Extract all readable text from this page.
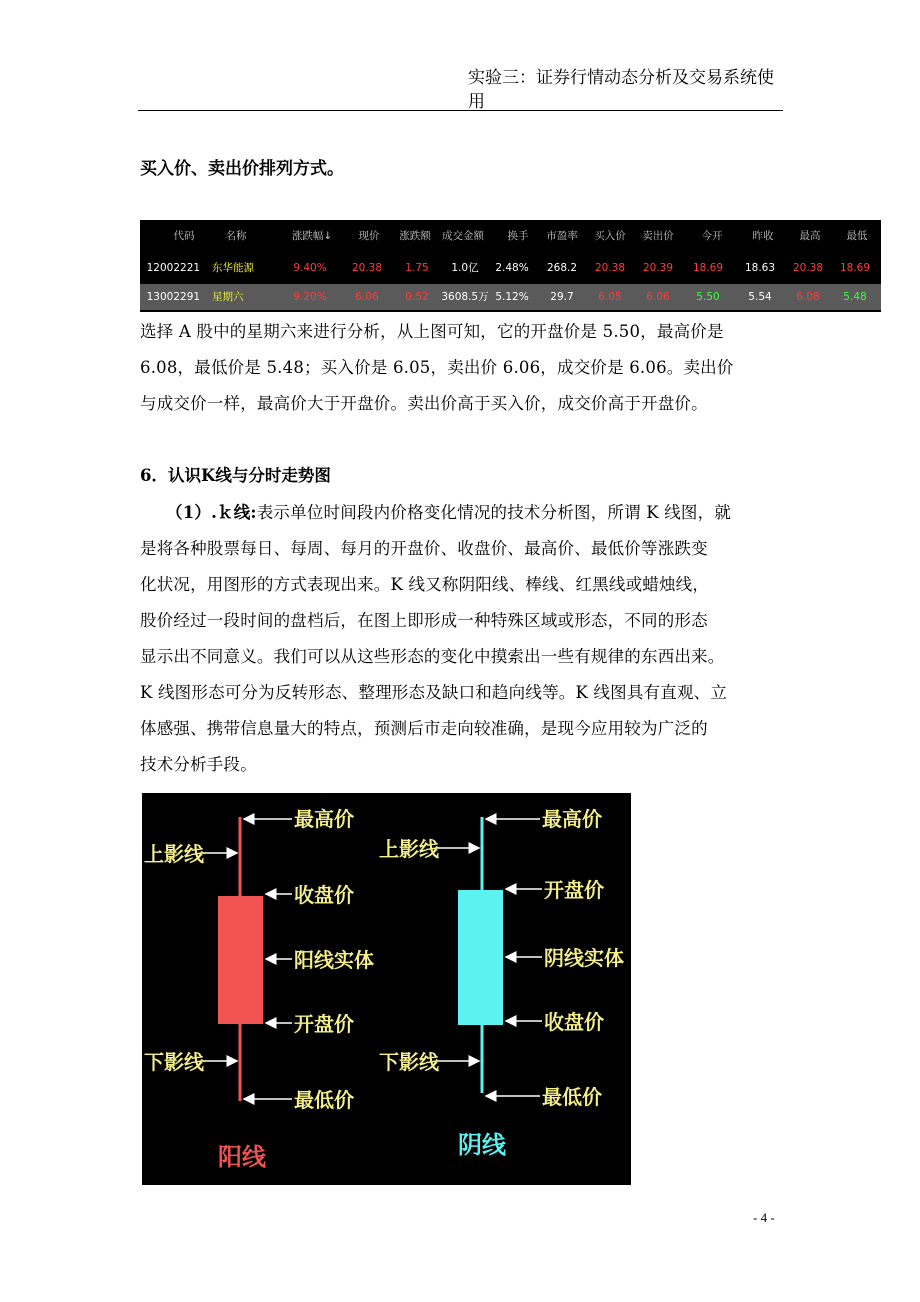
实验三：证券行情动态分析及交易系统使
用
买入价、卖出价排列方式。
代码	名称	涨跌幅↓	现价	涨跌额	成交金额	换手	市盈率	买入价	卖出价	今开	昨收	最高	最低
12 002221 东华能源	9.40%	20.38	1.75	1.0亿	2.48%	268.2	20.38	20.39	18.69	18.63	20.38	18.69
13 002291 星期六	9.20%	6.06	0.52	3608.5万 5.12%	29.7	6.05	6.06	5.50	5.54	6.08	5.48
选择 A 股中的星期六来进行分析，从上图可知，它的开盘价是 5.50，最高价是
6.08，最低价是 5.48；买入价是 6.05，卖出价 6.06，成交价是 6.06。卖出价
与成交价一样，最高价大于开盘价。卖出价高于买入价，成交价高于开盘价。
6．认识K线与分时走势图
（1）.ｋ线:表示单位时间段内价格变化情况的技术分析图，所谓 K 线图，就
是将各种股票每日、每周、每月的开盘价、收盘价、最高价、最低价等涨跌变
化状况，用图形的方式表现出来。K 线又称阴阳线、棒线、红黑线或蜡烛线，
股价经过一段时间的盘档后，在图上即形成一种特殊区域或形态，不同的形态
显示出不同意义。我们可以从这些形态的变化中摸索出一些有规律的东西出来。
K 线图形态可分为反转形态、整理形态及缺口和趋向线等。K 线图具有直观、立
体感强、携带信息量大的特点，预测后市走向较准确，是现今应用较为广泛的
技术分析手段。
最高价
上影线
收盘价
阳线实体
开盘价
下影线
最低价
阳线
最高价
上影线
开盘价
阴线实体
收盘价
下影线
最低价
阴线
- 4 -
